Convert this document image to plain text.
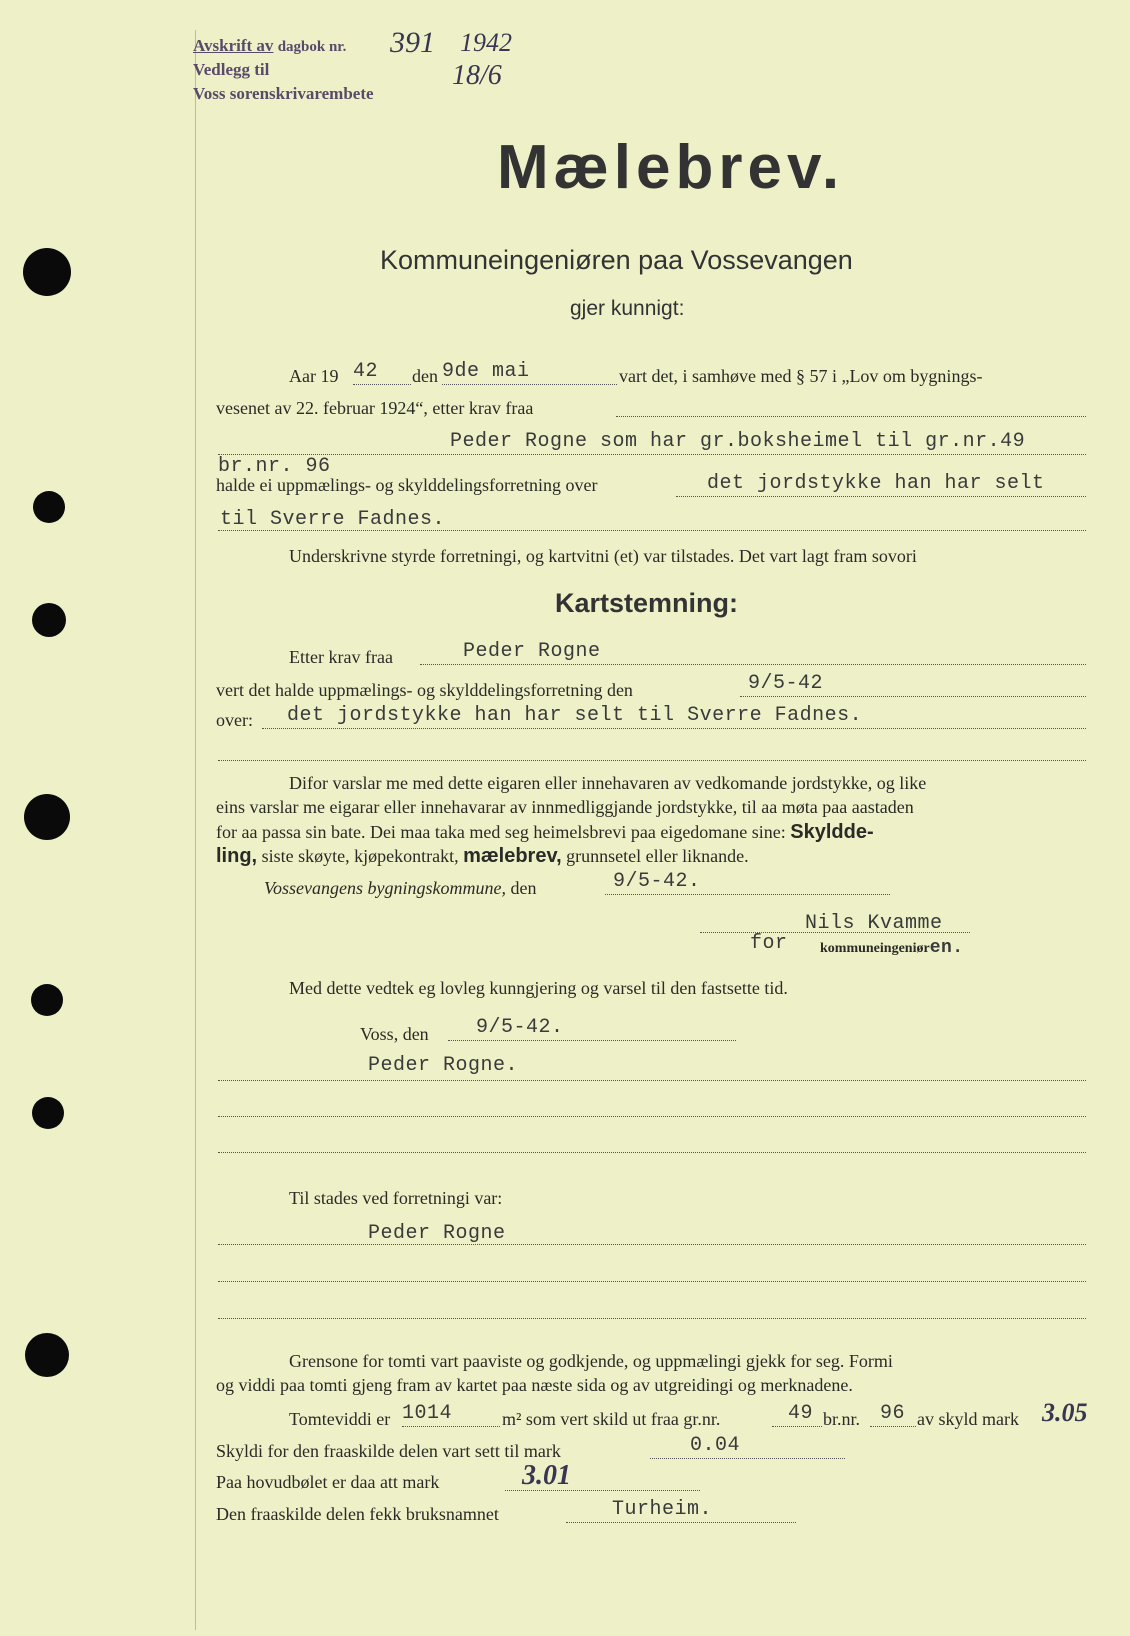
Avskrift av dagbok nr. 391 1942
Vedlegg til	18/6
Voss sorenskrivarembete
Mælebrev.
Kommuneingeniøren paa Vossevangen
gjer kunnigt:
Aar 19 42 den 9de mai	vart det, i samhøve med § 57 i „Lov om bygnings-
vesenet av 22. februar 1924“, etter krav fraa
Peder Rogne som har gr.boksheimel til gr.nr.49
br.nr. 96
halde ei uppmælings- og skylddelingsforretning over	det jordstykke han har selt
til Sverre Fadnes.
Underskrivne styrde forretningi, og kartvitni (et) var tilstades. Det vart lagt fram sovori
Kartstemning:
Etter krav fraa	Peder Rogne
vert det halde uppmælings- og skylddelingsforretning den	9/5-42
over: det jordstykke han har selt til Sverre Fadnes.
Difor varslar me med dette eigaren eller innehavaren av vedkomande jordstykke, og like
eins varslar me eigarar eller innehavarar av innmedliggjande jordstykke, til aa møta paa aastaden
for aa passa sin bate. Dei maa taka med seg heimelsbrevi paa eigedomane sine: Skyldde-
ling, siste skøyte, kjøpekontrakt, mælebrev, grunnsetel eller liknande.
Vossevangens bygningskommune, den	9/5-42.
Nils Kvamme
for kommuneingeniøren.
Med dette vedtek eg lovleg kunngjering og varsel til den fastsette tid.
Voss, den 9/5-42.
Peder Rogne.
Til stades ved forretningi var:
Peder Rogne
Grensone for tomti vart paaviste og godkjende, og uppmælingi gjekk for seg. Formi
og viddi paa tomti gjeng fram av kartet paa næste sida og av utgreidingi og merknadene.
Tomteviddi er 1014	m² som vert skild ut fraa gr.nr.	49 br.nr. 96 av skyld mark 3.05
Skyldi for den fraaskilde delen vart sett til mark	0.04
Paa hovudbølet er daa att mark	3.01
Den fraaskilde delen fekk bruksnamnet	Turheim.
